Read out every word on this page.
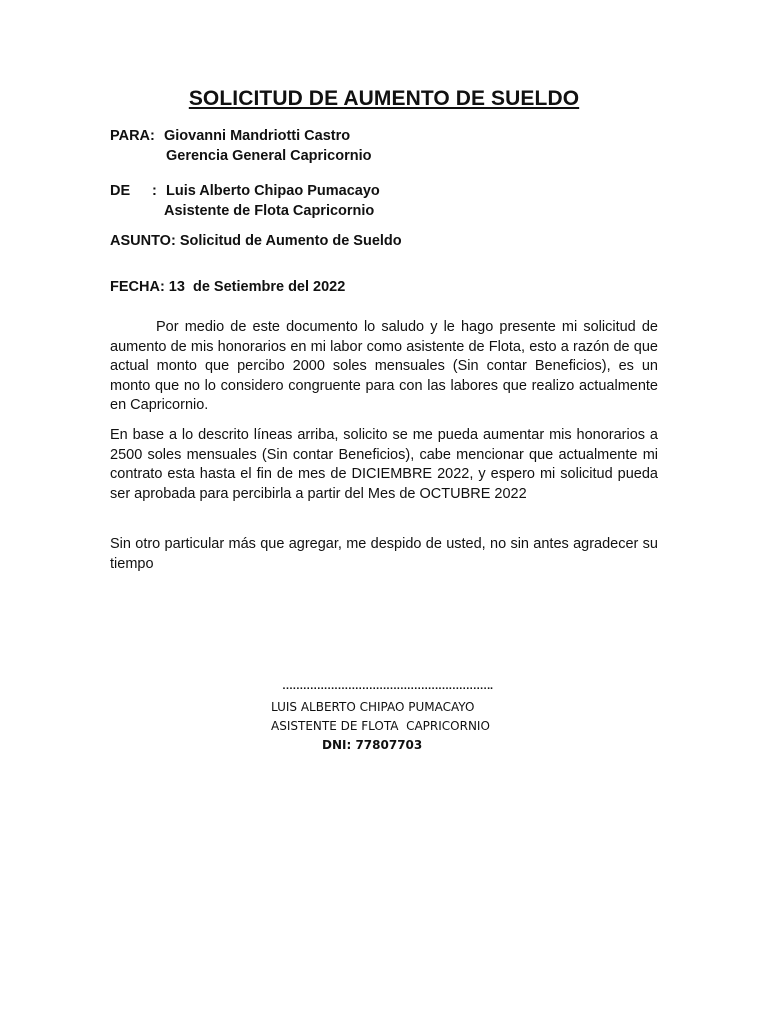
SOLICITUD DE AUMENTO DE SUELDO
PARA: Giovanni Mandriotti Castro
Gerencia General Capricornio
DE : Luis Alberto Chipao Pumacayo
Asistente de Flota Capricornio
ASUNTO: Solicitud de Aumento de Sueldo
FECHA: 13  de Setiembre del 2022
Por medio de este documento lo saludo y le hago presente mi solicitud de aumento de mis honorarios en mi labor como asistente de Flota, esto a razón de que actual monto que percibo 2000 soles mensuales (Sin contar Beneficios), es un monto que no lo considero congruente para con las labores que realizo actualmente en Capricornio.
En base a lo descrito líneas arriba, solicito se me pueda aumentar mis honorarios a 2500 soles mensuales (Sin contar Beneficios), cabe mencionar que actualmente mi contrato esta hasta el fin de mes de DICIEMBRE 2022, y espero mi solicitud pueda ser aprobada para percibirla a partir del Mes de OCTUBRE 2022
Sin otro particular más que agregar, me despido de usted, no sin antes agradecer su tiempo
…………………………………………………….
LUIS ALBERTO CHIPAO PUMACAYO
ASISTENTE DE FLOTA  CAPRICORNIO
DNI: 77807703
